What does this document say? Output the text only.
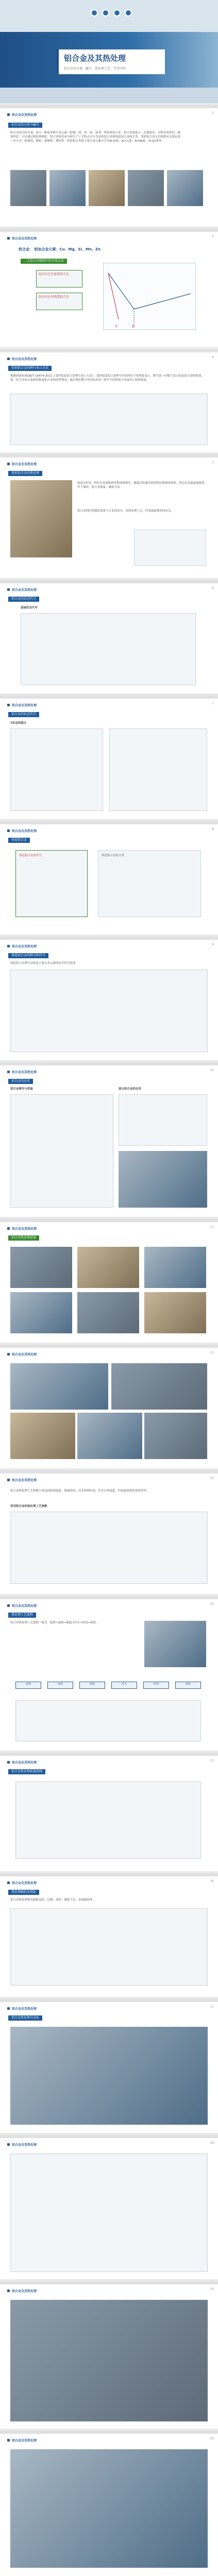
铝合金及其热处理
铝合金的分类、编号、热处理工艺、等等内容
铝合金及其热处理
2
铝合金的分类与编号
铝合金是以铝为基，加入一种或多种合金元素（如铜、镁、锌、硅、锰等）所组成的合金。铝合金密度小，比强度高，导热导电性好，耐蚀性好，可以通过热处理强化。铝合金按其成分和生产工艺特点可分为变形铝合金和铸造铝合金两大类。变形铝合金可以按照有关规定进一步分为：防锈铝、硬铝、超硬铝、锻铝等。铸造铝合金按主要合金元素可分为Al-Si系、Al-Cu系、Al-Mg系、Al-Zn系等。
铝合金及其热处理
3
铝合金： 铝加合金元素：Cu、Mg、Si、Mn、Zn
二元铝合金相图中的分类方法
D点左边为变形铝合金
D点右边为铸造铝合金
D
F
铝合金及其热处理
4
变形铝合金的牌号表示方法
根据国家标准GB/T 16474-2011《变形铝及铝合金牌号表示方法》，变形铝及铝合金牌号采用四位字符体系表示。牌号第一位数字表示铝及铝合金的组别，第二位字母表示原始纯铝或铝合金的改型情况，最后两位数字用以标识同一组中不同的铝合金或表示铝的纯度。
铝合金及其热处理
5
变形铝合金的热处理
固溶+时效：将铝合金加热到单相固溶体区，保温后快速冷却得到过饱和固溶体，然后在室温或加热条件下保持，使合金强度、硬度升高。
铝合金的时效强化效果与合金的成分、固溶处理工艺、时效温度和时间有关。
铝合金及其热处理
6
铝合金的状态代号
基础状态代号
铝合金及其热处理
7
铝合金的状态代号
T状态的细分
铝合金及其热处理
8
铸造铝合金
铸造铝合金的代号	铸造铝合金的分类
铝合金及其热处理
9
铸造铝合金的牌号和代号
铸造铝合金牌号由铝及主要合金元素的化学符号组成
铝合金及其热处理
10
铝合金的应用
铝合金牌号与性能	部分铝合金的应用
铝合金及其热处理
11
铝合金热处理设备
铝合金及其热处理
12
铝合金及其热处理
13
铝合金热处理工艺参数主要包括固溶温度、保温时间、淬火转移时间、淬火介质温度、时效温度和时效时间等。
常用铝合金的热处理工艺参数
铝合金及其热处理
14
热处理工艺流程
铝合金热处理工艺流程一般为：装料→加热→保温→淬火→时效→检验。
装料	加热	保温	淬火	时效	检验
铝合金及其热处理
15
铝合金热处理质量控制
铝合金及其热处理
16
热处理缺陷及预防
铝合金热处理常见缺陷包括：过烧、变形、硬度不足、表面腐蚀等。
铝合金及其热处理
17
铝合金热处理自动化
铝合金及其热处理
18
铝合金及其热处理
19
铝合金及其热处理
20
